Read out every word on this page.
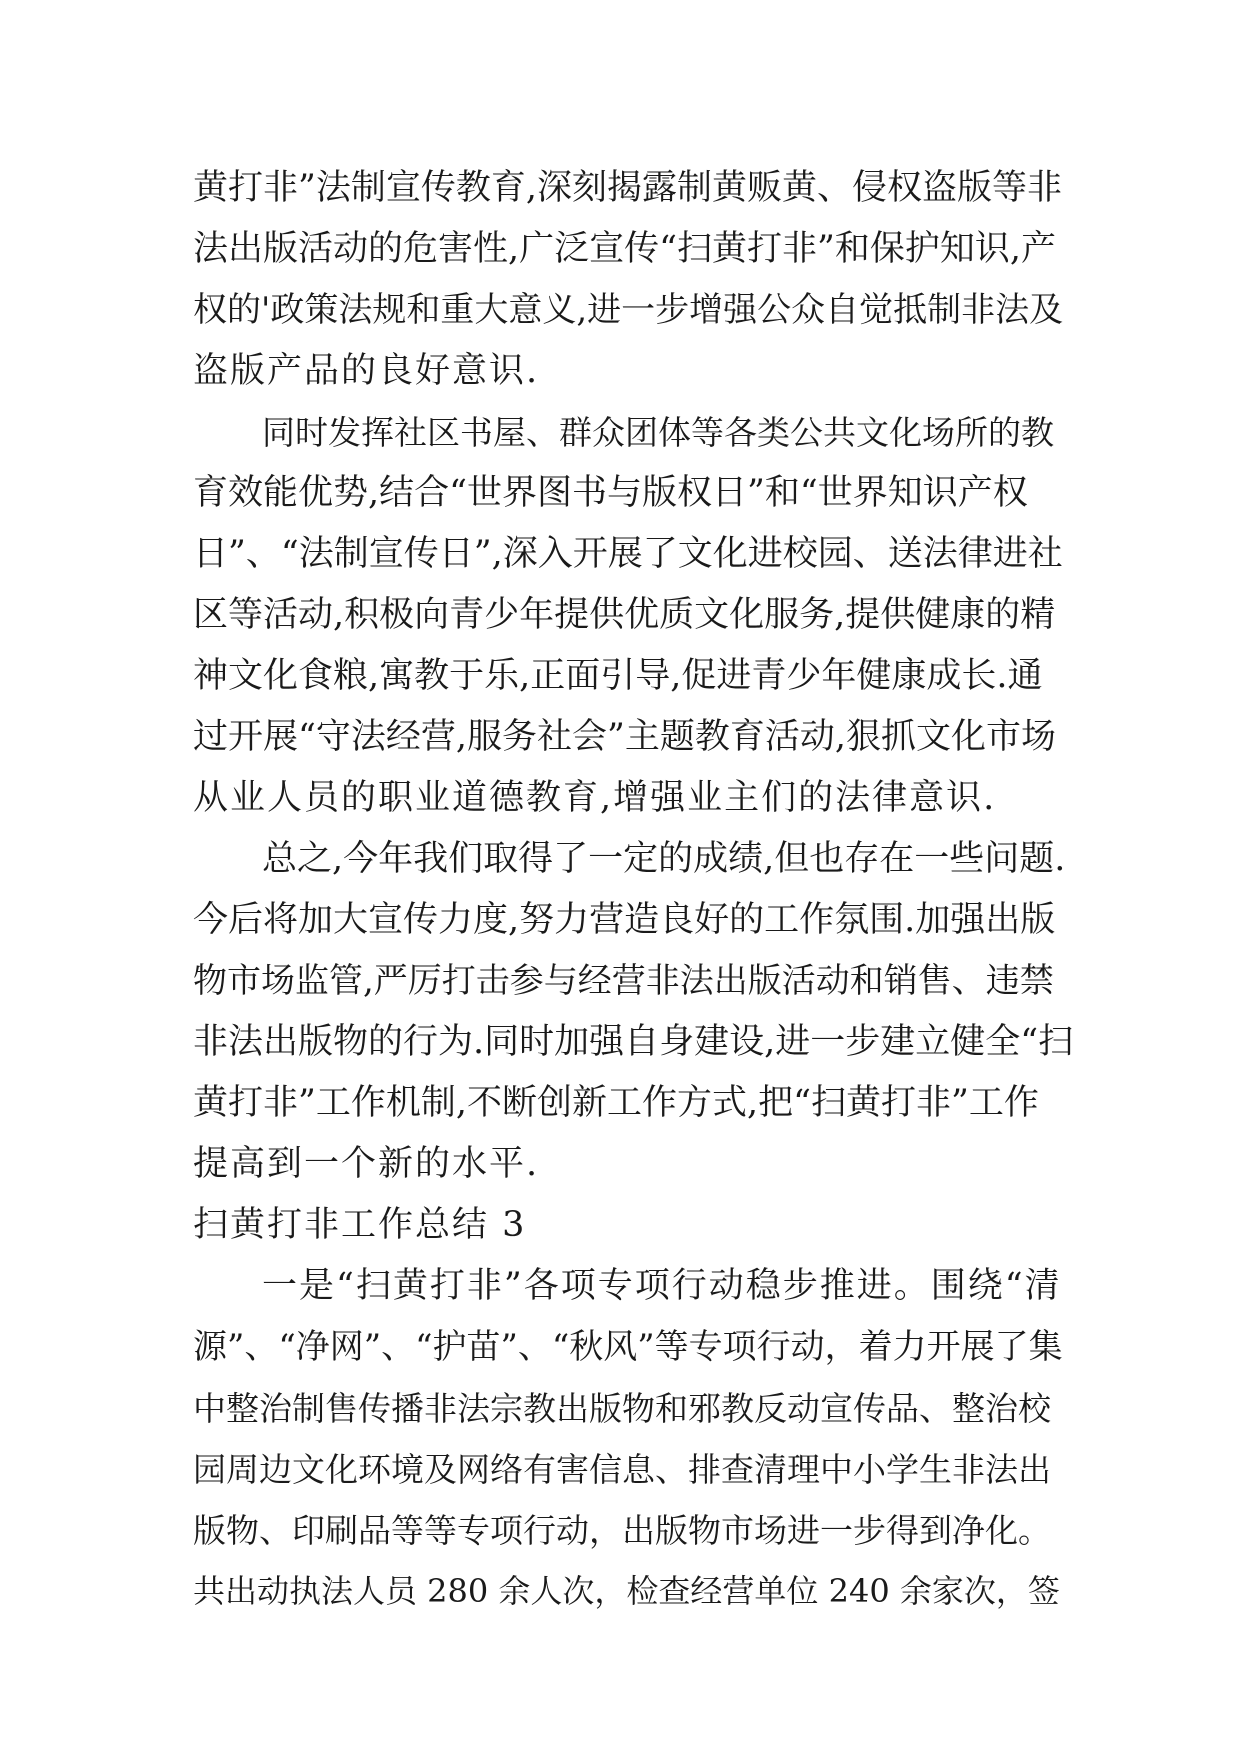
黄打非”法制宣传教育,深刻揭露制黄贩黄、侵权盗版等非
法出版活动的危害性,广泛宣传“扫黄打非”和保护知识,产
权的'政策法规和重大意义,进一步增强公众自觉抵制非法及
盗版产品的良好意识.
同时发挥社区书屋、群众团体等各类公共文化场所的教
育效能优势,结合“世界图书与版权日”和“世界知识产权
日”、“法制宣传日”,深入开展了文化进校园、送法律进社
区等活动,积极向青少年提供优质文化服务,提供健康的精
神文化食粮,寓教于乐,正面引导,促进青少年健康成长.通
过开展“守法经营,服务社会”主题教育活动,狠抓文化市场
从业人员的职业道德教育,增强业主们的法律意识.
总之,今年我们取得了一定的成绩,但也存在一些问题.
今后将加大宣传力度,努力营造良好的工作氛围.加强出版
物市场监管,严厉打击参与经营非法出版活动和销售、违禁
非法出版物的行为.同时加强自身建设,进一步建立健全“扫
黄打非”工作机制,不断创新工作方式,把“扫黄打非”工作
提高到一个新的水平.
扫黄打非工作总结 3
一是“扫黄打非”各项专项行动稳步推进。围绕“清
源”、“净网”、“护苗”、“秋风”等专项行动，着力开展了集
中整治制售传播非法宗教出版物和邪教反动宣传品、整治校
园周边文化环境及网络有害信息、排查清理中小学生非法出
版物、印刷品等等专项行动，出版物市场进一步得到净化。
共出动执法人员 280 余人次，检查经营单位 240 余家次，签
